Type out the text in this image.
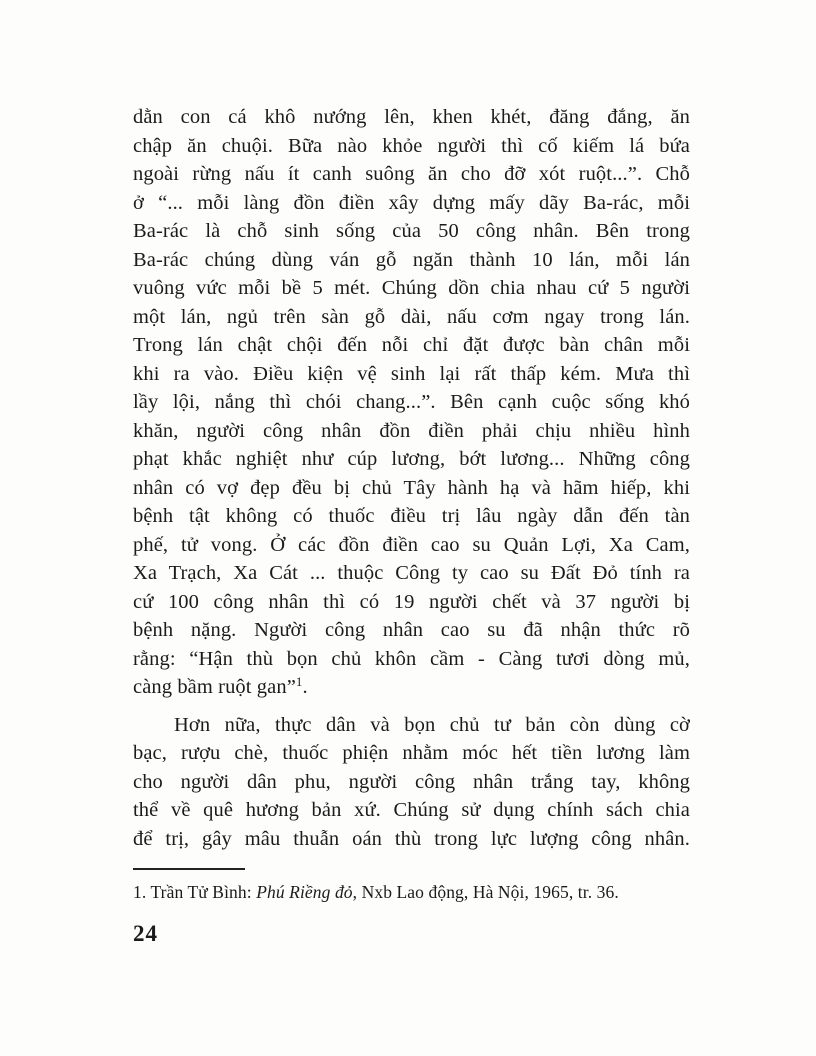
dằn con cá khô nướng lên, khen khét, đăng đắng, ăn
chập ăn chuội. Bữa nào khỏe người thì cố kiếm lá bứa
ngoài rừng nấu ít canh suông ăn cho đỡ xót ruột...”. Chỗ
ở “... mỗi làng đồn điền xây dựng mấy dãy Ba-rác, mỗi
Ba-rác là chỗ sinh sống của 50 công nhân. Bên trong
Ba-rác chúng dùng ván gỗ ngăn thành 10 lán, mỗi lán
vuông vức mỗi bề 5 mét. Chúng dồn chia nhau cứ 5 người
một lán, ngủ trên sàn gỗ dài, nấu cơm ngay trong lán.
Trong lán chật chội đến nỗi chỉ đặt được bàn chân mỗi
khi ra vào. Điều kiện vệ sinh lại rất thấp kém. Mưa thì
lầy lội, nắng thì chói chang...”. Bên cạnh cuộc sống khó
khăn, người công nhân đồn điền phải chịu nhiều hình
phạt khắc nghiệt như cúp lương, bớt lương... Những công
nhân có vợ đẹp đều bị chủ Tây hành hạ và hãm hiếp, khi
bệnh tật không có thuốc điều trị lâu ngày dẫn đến tàn
phế, tử vong. Ở các đồn điền cao su Quản Lợi, Xa Cam,
Xa Trạch, Xa Cát ... thuộc Công ty cao su Đất Đỏ tính ra
cứ 100 công nhân thì có 19 người chết và 37 người bị
bệnh nặng. Người công nhân cao su đã nhận thức rõ
rằng: “Hận thù bọn chủ khôn cầm - Càng tươi dòng mủ,
càng bầm ruột gan”$^1$.
Hơn nữa, thực dân và bọn chủ tư bản còn dùng cờ
bạc, rượu chè, thuốc phiện nhằm móc hết tiền lương làm
cho người dân phu, người công nhân trắng tay, không
thể về quê hương bản xứ. Chúng sử dụng chính sách chia
để trị, gây mâu thuẫn oán thù trong lực lượng công nhân.
1. Trần Tử Bình: Phú Riềng đỏ, Nxb Lao động, Hà Nội, 1965, tr. 36.
24
